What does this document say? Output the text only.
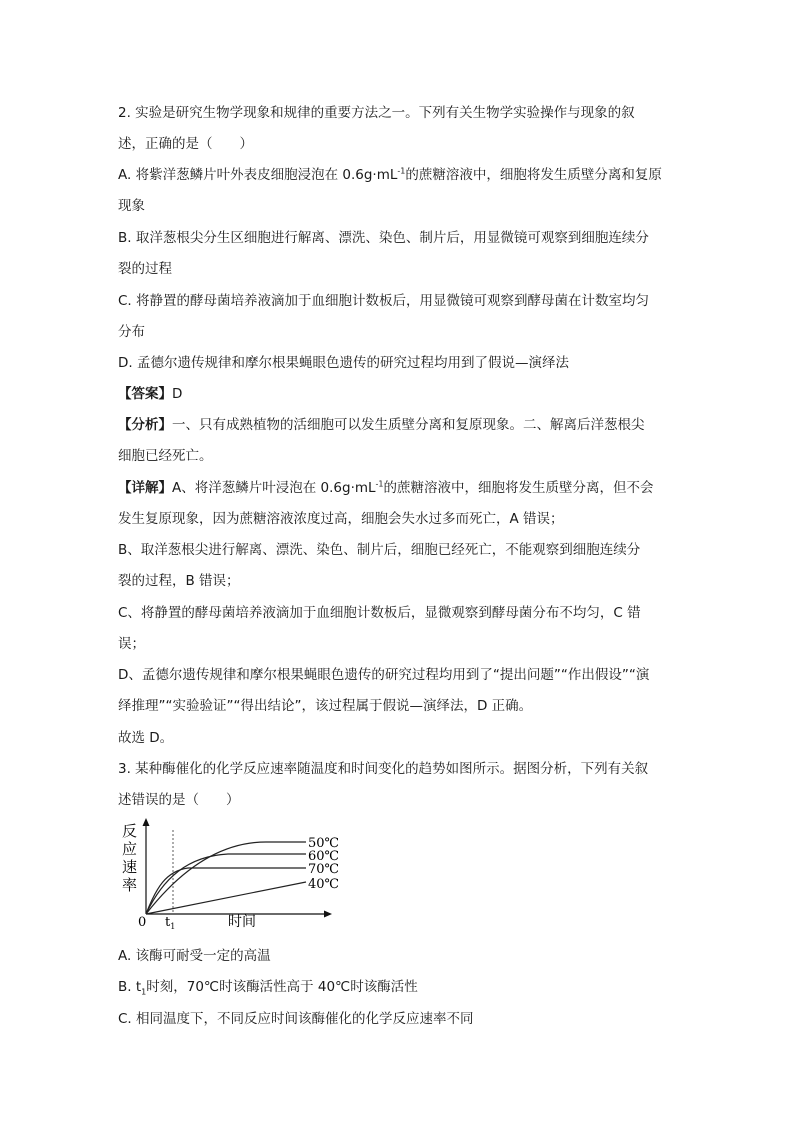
2. 实验是研究生物学现象和规律的重要方法之一。下列有关生物学实验操作与现象的叙
述，正确的是（　　）
A. 将紫洋葱鳞片叶外表皮细胞浸泡在 $0.6g\cdot mL^{-1}$的蔗糖溶液中，细胞将发生质壁分离和复原
现象
B. 取洋葱根尖分生区细胞进行解离、漂洗、染色、制片后，用显微镜可观察到细胞连续分
裂的过程
C. 将静置的酵母菌培养液滴加于血细胞计数板后，用显微镜可观察到酵母菌在计数室均匀
分布
D. 孟德尔遗传规律和摩尔根果蝇眼色遗传的研究过程均用到了假说—演绎法
【答案】D
【分析】一、只有成熟植物的活细胞可以发生质壁分离和复原现象。二、解离后洋葱根尖
细胞已经死亡。
【详解】A、将洋葱鳞片叶浸泡在 $0.6g\cdot mL^{-1}$的蔗糖溶液中，细胞将发生质壁分离，但不会
发生复原现象，因为蔗糖溶液浓度过高，细胞会失水过多而死亡，A 错误；
B、取洋葱根尖进行解离、漂洗、染色、制片后，细胞已经死亡，不能观察到细胞连续分
裂的过程，B 错误；
C、将静置的酵母菌培养液滴加于血细胞计数板后，显微观察到酵母菌分布不均匀，C 错
误；
D、孟德尔遗传规律和摩尔根果蝇眼色遗传的研究过程均用到了“提出问题”“作出假设”“演
绎推理”“实验验证”“得出结论”，该过程属于假说—演绎法，D 正确。
故选 D。
3. 某种酶催化的化学反应速率随温度和时间变化的趋势如图所示。据图分析，下列有关叙
述错误的是（　　）
反
应
速
率
50℃
60℃
70℃
40℃
0 $t_1$	时间
A. 该酶可耐受一定的高温
B. $t_1$时刻，70℃时该酶活性高于 40℃时该酶活性
C. 相同温度下，不同反应时间该酶催化的化学反应速率不同
